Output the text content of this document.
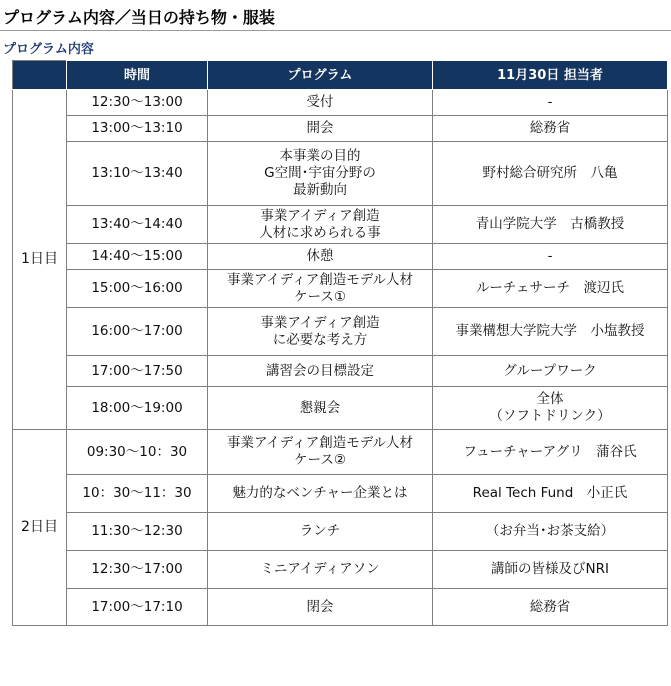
プログラム内容／当日の持ち物・服装
プログラム内容
	時間	プログラム	11月30日 担当者
1日目	12:30～13:00	受付	-

	13:00～13:10	開会	総務省

	13:10～13:40	本事業の目的
G空間･宇宙分野の
最新動向	野村総合研究所　八亀

	13:40～14:40	事業アイディア創造
人材に求められる事	青山学院大学　古橋教授

	14:40～15:00	休憩	-

	15:00～16:00	事業アイディア創造モデル人材
ケース①	ルーチェサーチ　渡辺氏

	16:00～17:00	事業アイディア創造
に必要な考え方	事業構想大学院大学　小塩教授

	17:00～17:50	講習会の目標設定	グループワーク

	18:00～19:00	懇親会	全体
（ソフトドリンク）

2日目	09:30～10：30	事業アイディア創造モデル人材
ケース②	フューチャーアグリ　蒲谷氏

	10：30～11：30	魅力的なベンチャー企業とは	Real Tech Fund　小正氏

	11:30～12:30	ランチ	（お弁当･お茶支給）

	12:30～17:00	ミニアイディアソン	講師の皆様及びNRI

	17:00～17:10	閉会	総務省
